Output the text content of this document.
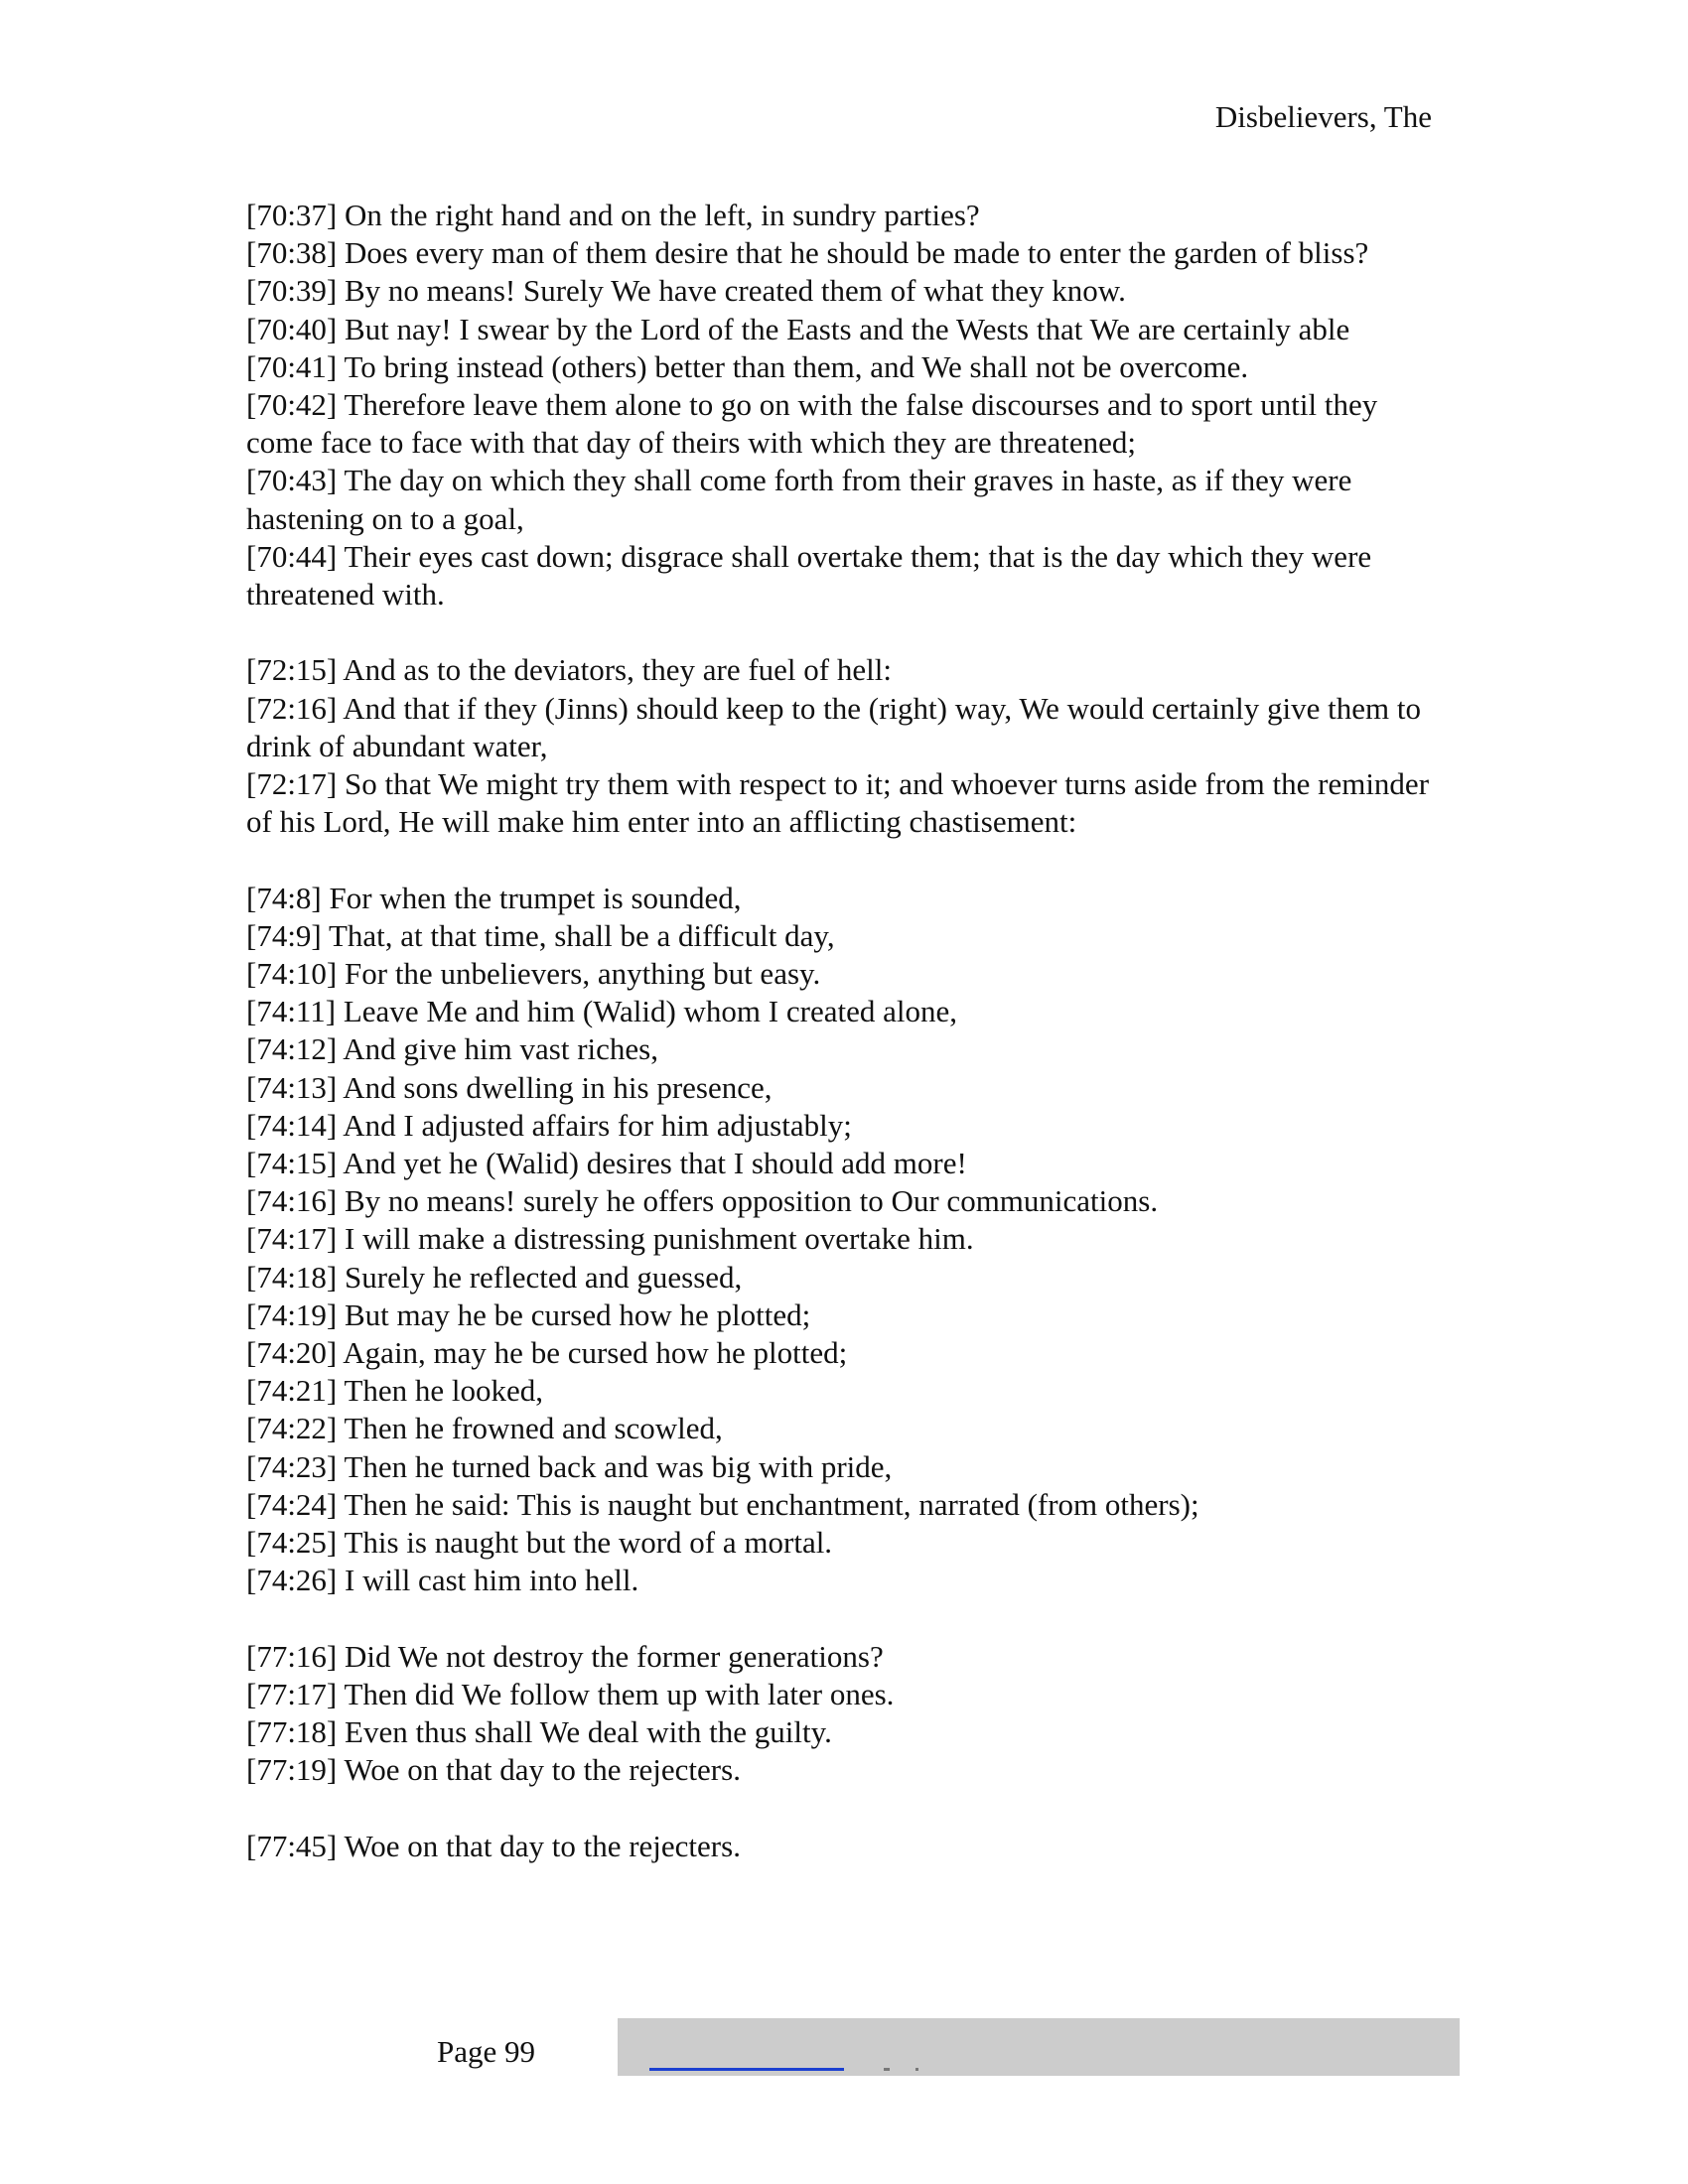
Disbelievers, The

[70:37] On the right hand and on the left, in sundry parties?

[70:38] Does every man of them desire that he should be made to enter the garden of bliss?

[70:39] By no means! Surely We have created them of what they know.

[70:40] But nay! I swear by the Lord of the Easts and the Wests that We are certainly able

[70:41] To bring instead (others) better than them, and We shall not be overcome.

[70:42] Therefore leave them alone to go on with the false discourses and to sport until they come face to face with that day of theirs with which they are threatened;

[70:43] The day on which they shall come forth from their graves in haste, as if they were hastening on to a goal,

[70:44] Their eyes cast down; disgrace shall overtake them; that is the day which they were threatened with.

[72:15] And as to the deviators, they are fuel of hell:

[72:16] And that if they (Jinns) should keep to the (right) way, We would certainly give them to drink of abundant water,

[72:17] So that We might try them with respect to it; and whoever turns aside from the reminder of his Lord, He will make him enter into an afflicting chastisement:

[74:8] For when the trumpet is sounded,

[74:9] That, at that time, shall be a difficult day,

[74:10] For the unbelievers, anything but easy.

[74:11] Leave Me and him (Walid) whom I created alone,

[74:12] And give him vast riches,

[74:13] And sons dwelling in his presence,

[74:14] And I adjusted affairs for him adjustably;

[74:15] And yet he (Walid) desires that I should add more!

[74:16] By no means! surely he offers opposition to Our communications.

[74:17] I will make a distressing punishment overtake him.

[74:18] Surely he reflected and guessed,

[74:19] But may he be cursed how he plotted;

[74:20] Again, may he be cursed how he plotted;

[74:21] Then he looked,

[74:22] Then he frowned and scowled,

[74:23] Then he turned back and was big with pride,

[74:24] Then he said: This is naught but enchantment, narrated (from others);

[74:25] This is naught but the word of a mortal.

[74:26] I will cast him into hell.

[77:16] Did We not destroy the former generations?

[77:17] Then did We follow them up with later ones.

[77:18] Even thus shall We deal with the guilty.

[77:19] Woe on that day to the rejecters.

[77:45] Woe on that day to the rejecters.

Page 99
